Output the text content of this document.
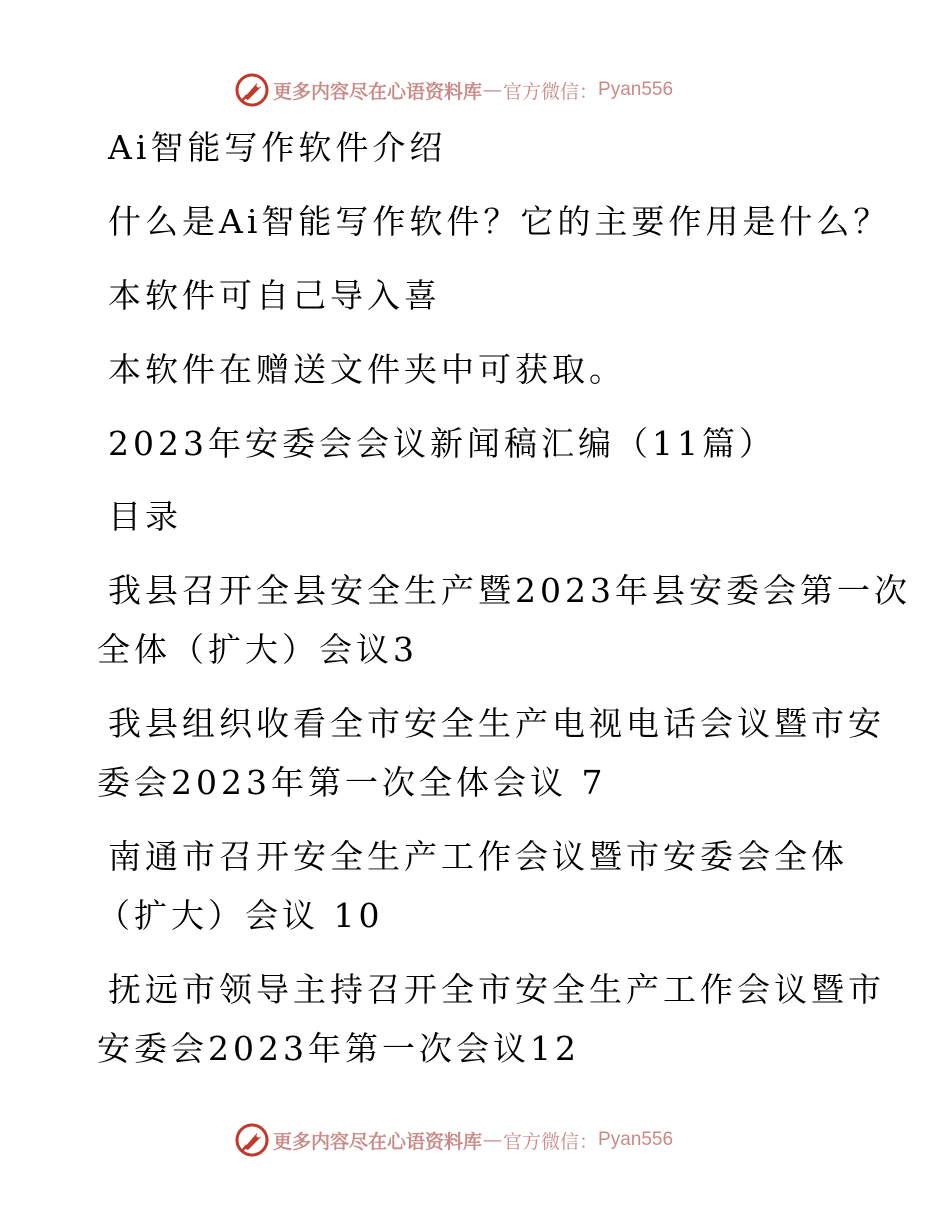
更多内容尽在心语资料库 — 官方微信： Pyan556
Ai智能写作软件介绍
什么是Ai智能写作软件？它的主要作用是什么？
本软件可自己导入喜
本软件在赠送文件夹中可获取。
2023年安委会会议新闻稿汇编（11篇）
目录
我县召开全县安全生产暨2023年县安委会第一次
全体（扩大）会议3
我县组织收看全市安全生产电视电话会议暨市安
委会2023年第一次全体会议 7
南通市召开安全生产工作会议暨市安委会全体
（扩大）会议 10
抚远市领导主持召开全市安全生产工作会议暨市
安委会2023年第一次会议12
更多内容尽在心语资料库 — 官方微信： Pyan556
